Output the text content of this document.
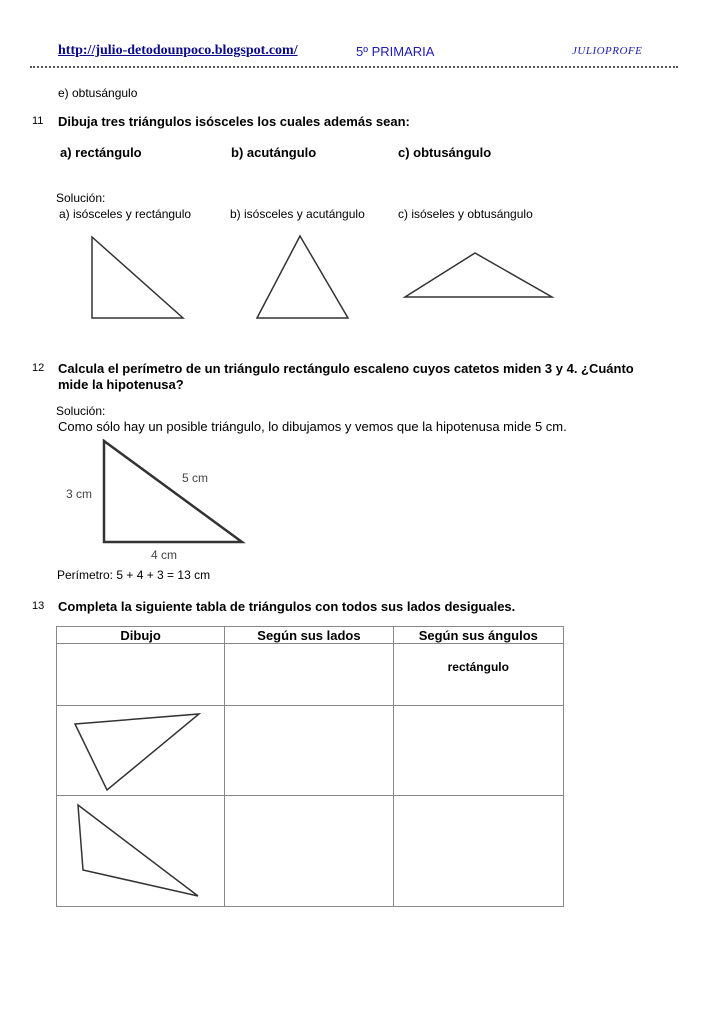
http://julio-detodounpoco.blogspot.com/	5º PRIMARIA	JULIOPROFE
e) obtusángulo
11 Dibuja tres triángulos isósceles los cuales además sean:
a) rectángulo	b) acutángulo	c) obtusángulo
Solución:
a) isósceles y rectángulo	b) isósceles y acutángulo	c) isóseles y obtusángulo
12 Calcula el perímetro de un triángulo rectángulo escaleno cuyos catetos miden 3 y 4. ¿Cuánto
mide la hipotenusa?
Solución:
Como sólo hay un posible triángulo, lo dibujamos y vemos que la hipotenusa mide 5 cm.
3 cm
4 cm
5 cm
Perímetro: 5 + 4 + 3 = 13 cm
13 Completa la siguiente tabla de triángulos con todos sus lados desiguales.
Dibujo	Según sus lados	Según sus ángulos

		rectángulo
